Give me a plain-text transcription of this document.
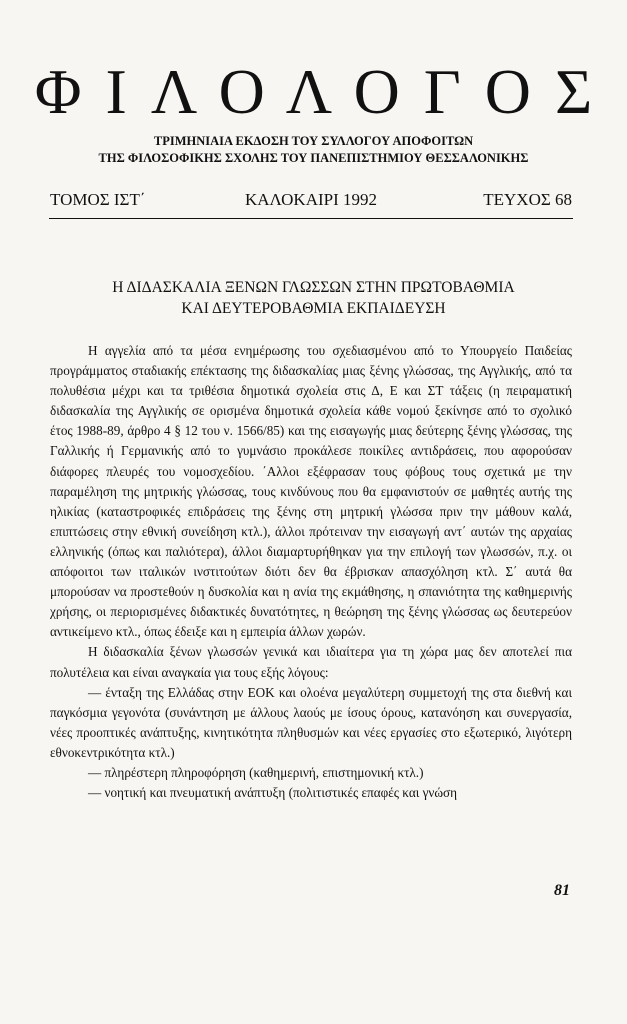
ΦΙΛΟΛΟΓΟΣ
ΤΡΙΜΗΝΙΑΙΑ ΕΚΔΟΣΗ ΤΟΥ ΣΥΛΛΟΓΟΥ ΑΠΟΦΟΙΤΩΝ
ΤΗΣ ΦΙΛΟΣΟΦΙΚΗΣ ΣΧΟΛΗΣ ΤΟΥ ΠΑΝΕΠΙΣΤΗΜΙΟΥ ΘΕΣΣΑΛΟΝΙΚΗΣ
ΚΑΛΟΚΑΙΡΙ 1992
ΤΟΜΟΣ ΙΣΤ΄	ΤΕΥΧΟΣ 68
Η ΔΙΔΑΣΚΑΛΙΑ ΞΕΝΩΝ ΓΛΩΣΣΩΝ ΣΤΗΝ ΠΡΩΤΟΒΑΘΜΙΑ
ΚΑΙ ΔΕΥΤΕΡΟΒΑΘΜΙΑ ΕΚΠΑΙΔΕΥΣΗ

Η αγγελία από τα μέσα ενημέρωσης του σχεδιασμένου από το Υπουργείο Παιδείας προγράμματος σταδιακής επέκτασης της διδασκαλίας μιας ξένης γλώσσας, της Αγγλικής, από τα πολυθέσια μέχρι και τα τριθέσια δημοτικά σχολεία στις Δ, Ε και ΣΤ τάξεις (η πειραματική διδασκαλία της Αγγλικής σε ορισμένα δημοτικά σχολεία κάθε νομού ξεκίνησε από το σχολικό έτος 1988-89, άρθρο 4 § 12 του ν. 1566/85) και της εισαγωγής μιας δεύτερης ξένης γλώσσας, της Γαλλικής ή Γερμανικής από το γυμνάσιο προκάλεσε ποικίλες αντιδράσεις, που αφορούσαν διάφορες πλευρές του νομοσχεδίου. ΄Αλλοι εξέφρασαν τους φόβους τους σχετικά με την παραμέληση της μητρικής γλώσσας, τους κινδύνους που θα εμφανιστούν σε μαθητές αυτής της ηλικίας (καταστροφικές επιδράσεις της ξένης στη μητρική γλώσσα πριν την μάθουν καλά, επιπτώσεις στην εθνική συνείδηση κτλ.), άλλοι πρότειναν την εισαγωγή αντ΄ αυτών της αρχαίας ελληνικής (όπως και παλιότερα), άλλοι διαμαρτυρήθηκαν για την επιλογή των γλωσσών, π.χ. οι απόφοιτοι των ιταλικών ινστιτούτων διότι δεν θα έβρισκαν απασχόληση κτλ. Σ΄ αυτά θα μπορούσαν να προστεθούν η δυσκολία και η ανία της εκμάθησης, η σπανιότητα της καθημερινής χρήσης, οι περιορισμένες διδακτικές δυνατότητες, η θεώρηση της ξένης γλώσσας ως δευτερεύον αντικείμενο κτλ., όπως έδειξε και η εμπειρία άλλων χωρών.

Η διδασκαλία ξένων γλωσσών γενικά και ιδιαίτερα για τη χώρα μας δεν αποτελεί πια πολυτέλεια και είναι αναγκαία για τους εξής λόγους:

— ένταξη της Ελλάδας στην ΕΟΚ και ολοένα μεγαλύτερη συμμετοχή της στα διεθνή και παγκόσμια γεγονότα (συνάντηση με άλλους λαούς με ίσους όρους, κατανόηση και συνεργασία, νέες προοπτικές ανάπτυξης, κινητικότητα πληθυσμών και νέες εργασίες στο εξωτερικό, λιγότερη εθνοκεντρικότητα κτλ.)

— πληρέστερη πληροφόρηση (καθημερινή, επιστημονική κτλ.)

— νοητική και πνευματική ανάπτυξη (πολιτιστικές επαφές και γνώση

81
